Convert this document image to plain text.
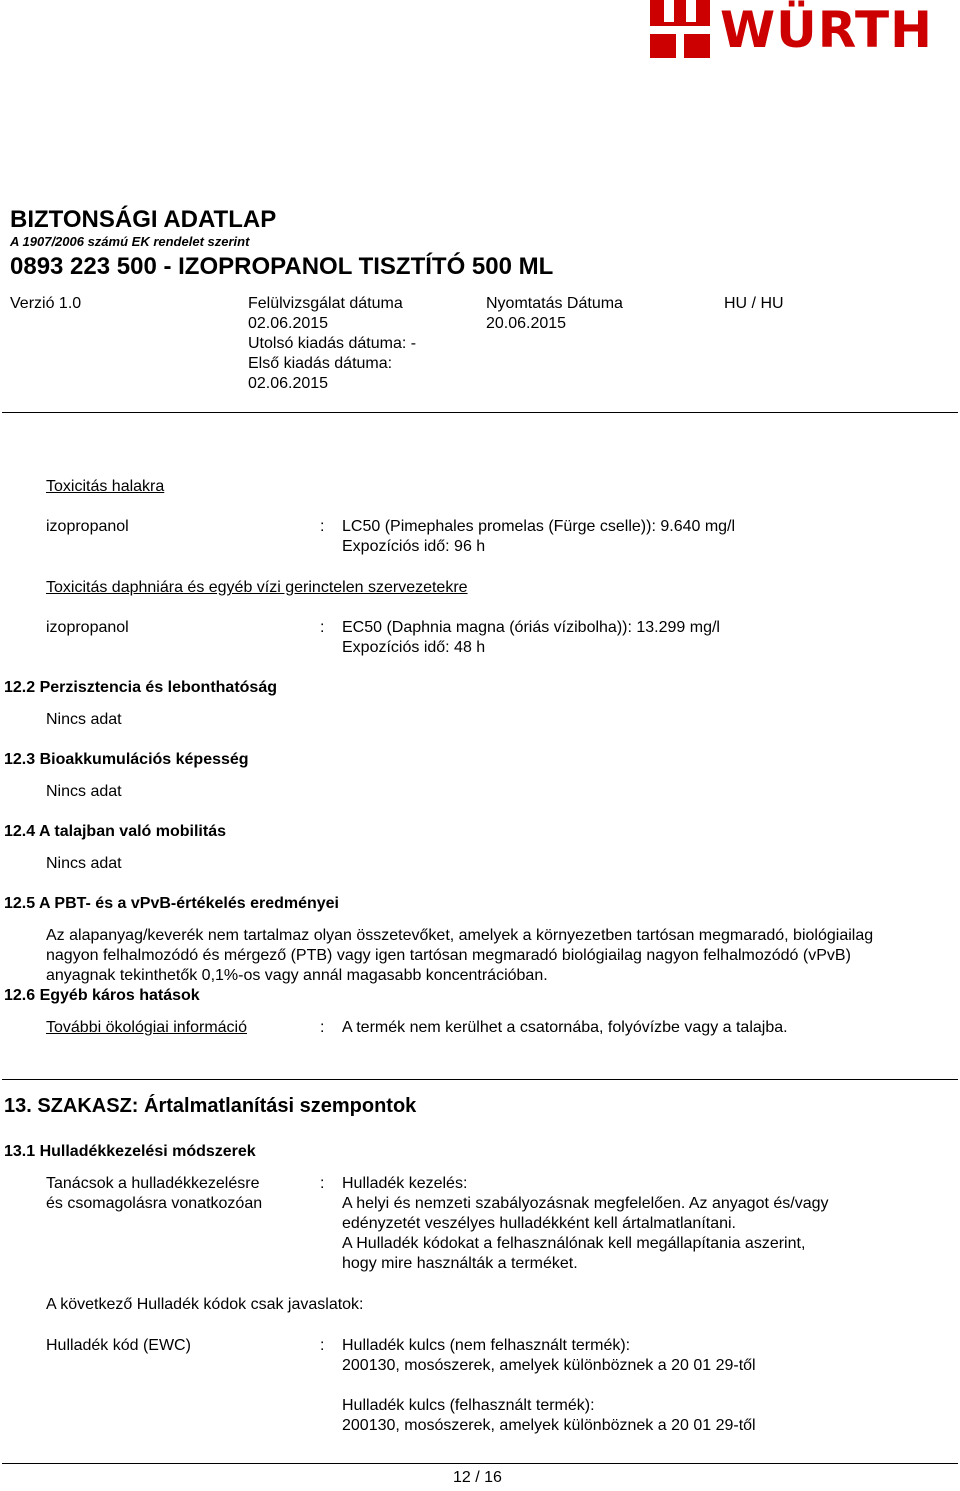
WÜRTH
BIZTONSÁGI ADATLAP
A 1907/2006 számú EK rendelet szerint
0893 223 500 - IZOPROPANOL TISZTÍTÓ 500 ML
Verzió 1.0	Felülvizsgálat dátuma
02.06.2015
Utolsó kiadás dátuma: -
Első kiadás dátuma:
02.06.2015
Nyomtatás Dátuma
20.06.2015
HU / HU
Toxicitás halakra
izopropanol	: LC50 (Pimephales promelas (Fürge cselle)): 9.640 mg/l
Expozíciós idő: 96 h
Toxicitás daphniára és egyéb vízi gerinctelen szervezetekre
izopropanol	: EC50 (Daphnia magna (óriás vízibolha)): 13.299 mg/l
Expozíciós idő: 48 h
12.2 Perzisztencia és lebonthatóság
Nincs adat
12.3 Bioakkumulációs képesség
Nincs adat
12.4 A talajban való mobilitás
Nincs adat
12.5 A PBT- és a vPvB-értékelés eredményei
Az alapanyag/keverék nem tartalmaz olyan összetevőket, amelyek a környezetben tartósan megmaradó, biológiailag
nagyon felhalmozódó és mérgező (PTB) vagy igen tartósan megmaradó biológiailag nagyon felhalmozódó (vPvB)
anyagnak tekinthetők 0,1%-os vagy annál magasabb koncentrációban.
12.6 Egyéb káros hatások
További ökológiai információ	: A termék nem kerülhet a csatornába, folyóvízbe vagy a talajba.
13. SZAKASZ: Ártalmatlanítási szempontok
13.1 Hulladékkezelési módszerek
Tanácsok a hulladékkezelésre
és csomagolásra vonatkozóan
: Hulladék kezelés:
A helyi és nemzeti szabályozásnak megfelelően. Az anyagot és/vagy
edényzetét veszélyes hulladékként kell ártalmatlanítani.
A Hulladék kódokat a felhasználónak kell megállapítania aszerint,
hogy mire használták a terméket.
A következő Hulladék kódok csak javaslatok:
Hulladék kód (EWC)	: Hulladék kulcs (nem felhasznált termék):
200130, mosószerek, amelyek különböznek a 20 01 29-től
Hulladék kulcs (felhasznált termék):
200130, mosószerek, amelyek különböznek a 20 01 29-től
12 / 16
